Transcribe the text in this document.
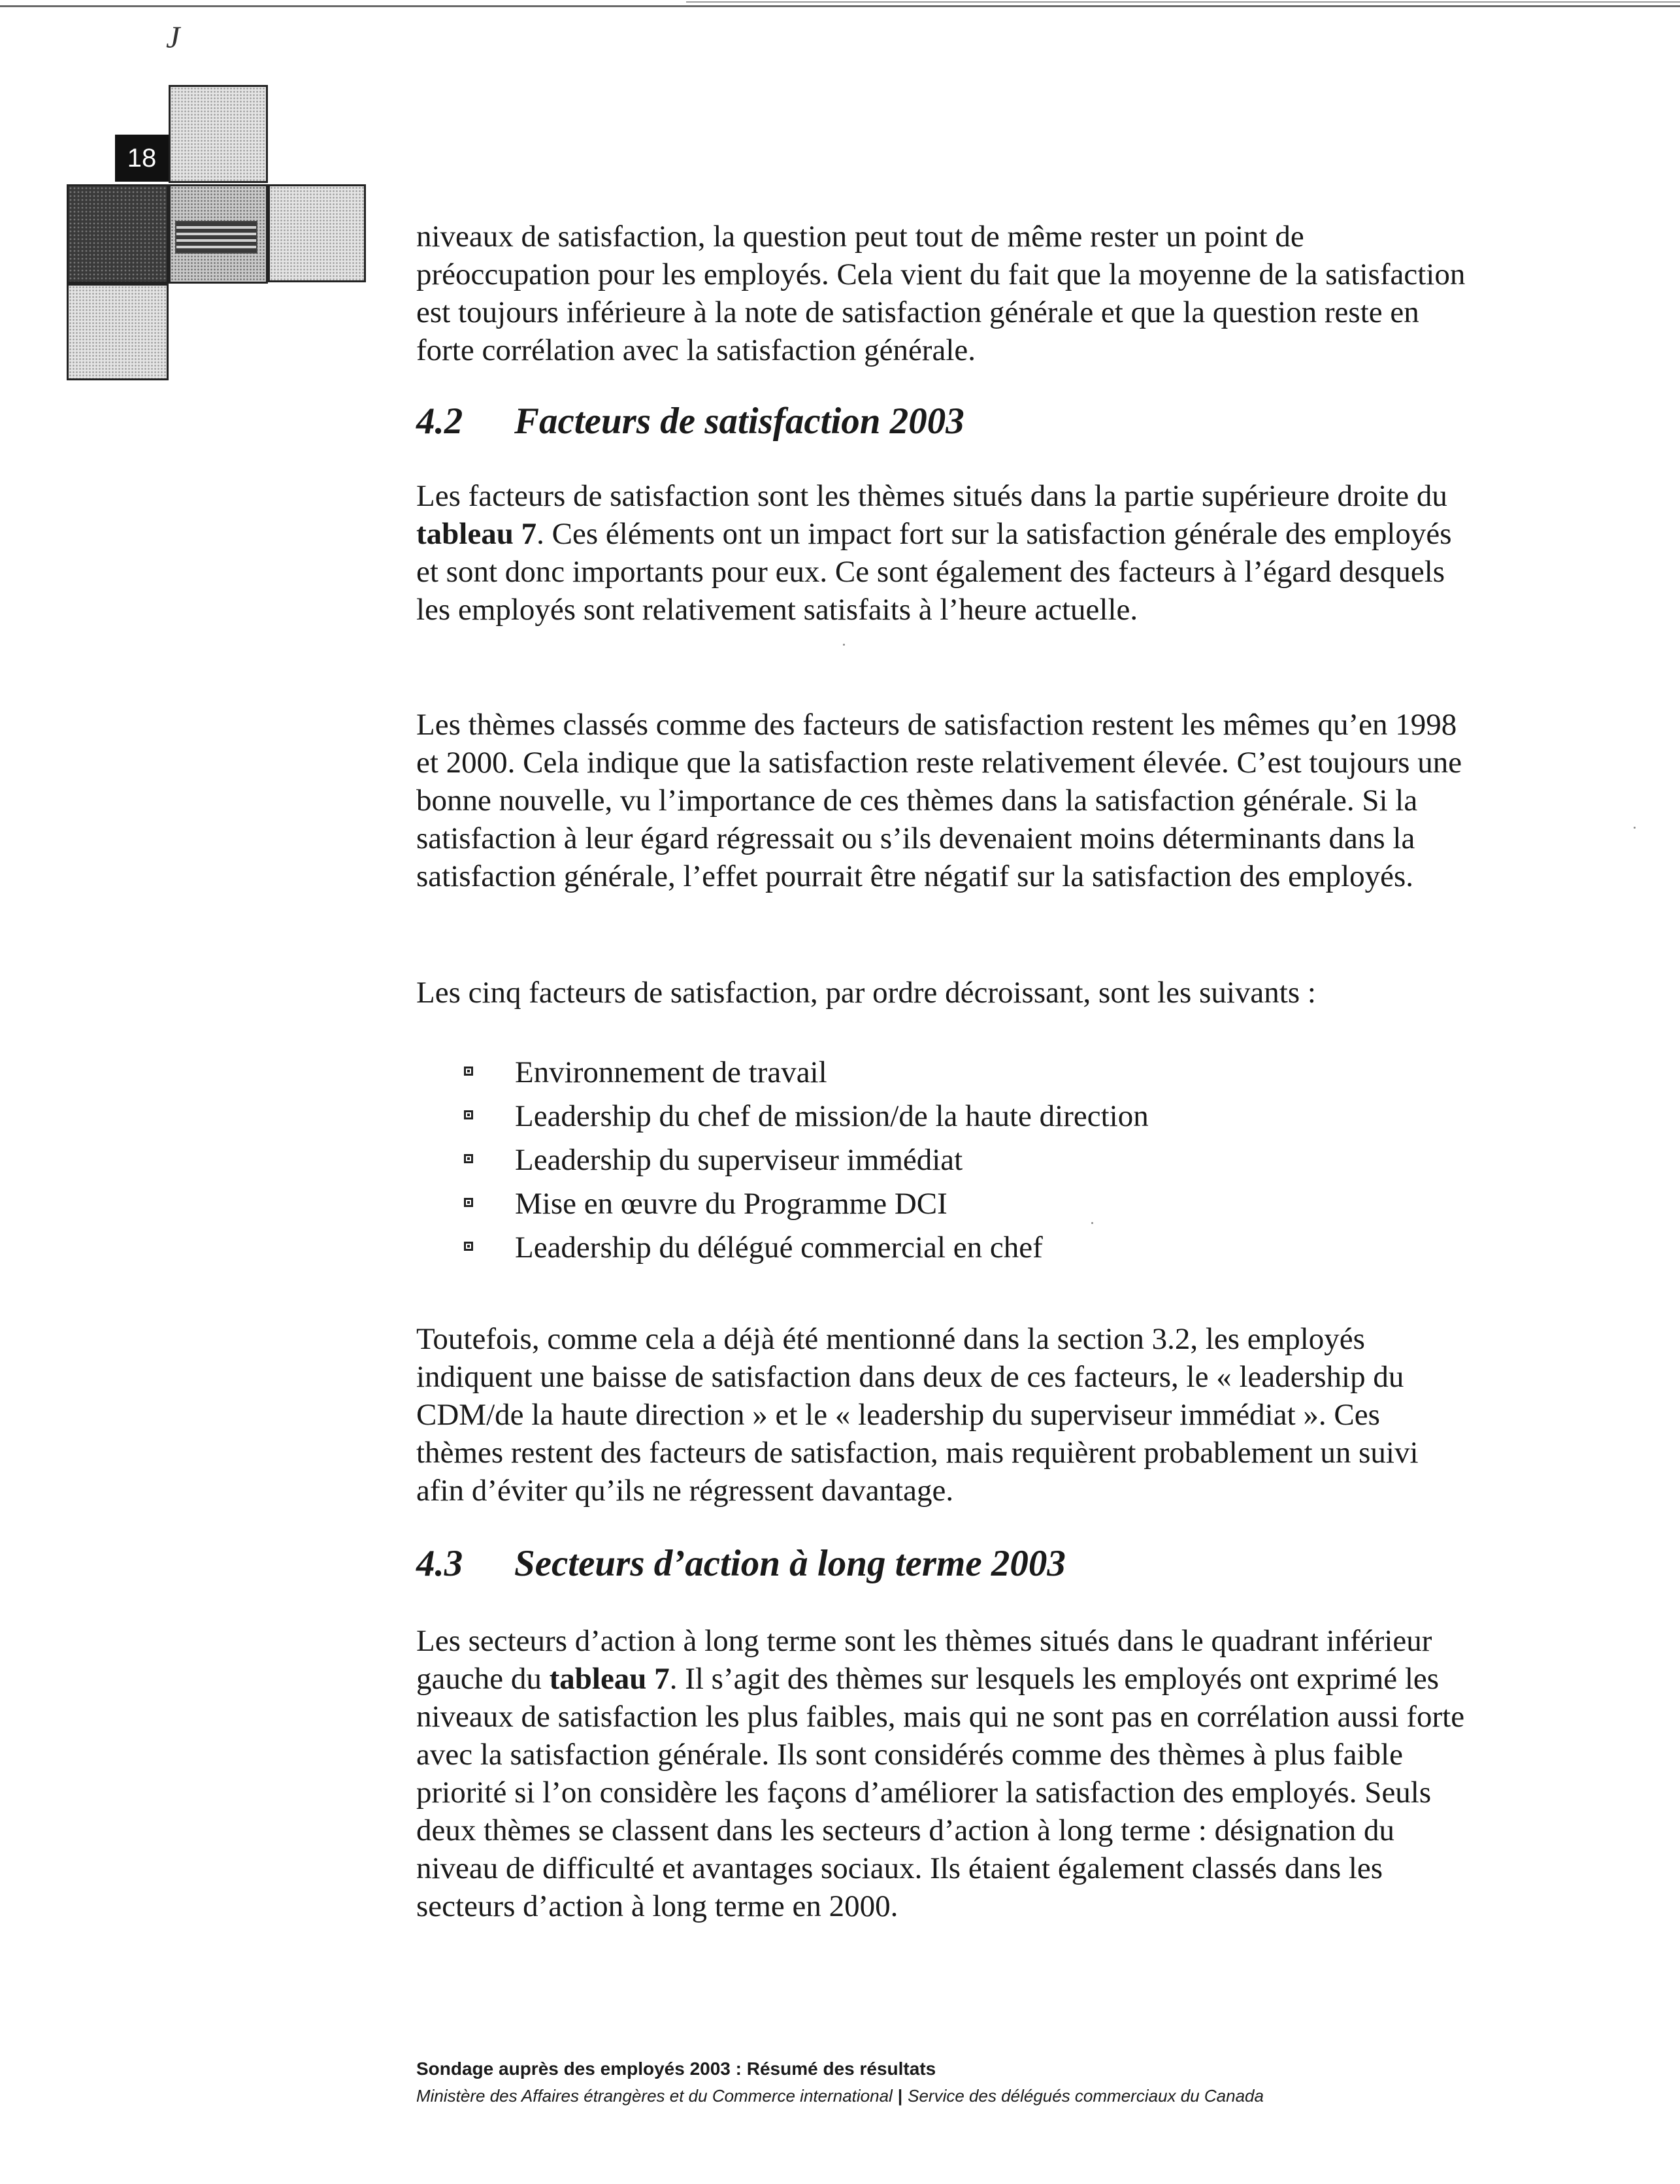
J
18

niveaux de satisfaction, la question peut tout de même rester un point de préoccupation pour les employés. Cela vient du fait que la moyenne de la satisfaction est toujours inférieure à la note de satisfaction générale et que la question reste en forte corrélation avec la satisfaction générale.

4.2 Facteurs de satisfaction 2003

Les facteurs de satisfaction sont les thèmes situés dans la partie supérieure droite du tableau 7. Ces éléments ont un impact fort sur la satisfaction générale des employés et sont donc importants pour eux. Ce sont également des facteurs à l’égard desquels les employés sont relativement satisfaits à l’heure actuelle.

Les thèmes classés comme des facteurs de satisfaction restent les mêmes qu’en 1998 et 2000. Cela indique que la satisfaction reste relativement élevée. C’est toujours une bonne nouvelle, vu l’importance de ces thèmes dans la satisfaction générale. Si la satisfaction à leur égard régressait ou s’ils devenaient moins déterminants dans la satisfaction générale, l’effet pourrait être négatif sur la satisfaction des employés.

Les cinq facteurs de satisfaction, par ordre décroissant, sont les suivants :

Environnement de travail
Leadership du chef de mission/de la haute direction
Leadership du superviseur immédiat
Mise en œuvre du Programme DCI
Leadership du délégué commercial en chef

Toutefois, comme cela a déjà été mentionné dans la section 3.2, les employés indiquent une baisse de satisfaction dans deux de ces facteurs, le « leadership du CDM/de la haute direction » et le « leadership du superviseur immédiat ». Ces thèmes restent des facteurs de satisfaction, mais requièrent probablement un suivi afin d’éviter qu’ils ne régressent davantage.

4.3 Secteurs d’action à long terme 2003

Les secteurs d’action à long terme sont les thèmes situés dans le quadrant inférieur gauche du tableau 7. Il s’agit des thèmes sur lesquels les employés ont exprimé les niveaux de satisfaction les plus faibles, mais qui ne sont pas en corrélation aussi forte avec la satisfaction générale. Ils sont considérés comme des thèmes à plus faible priorité si l’on considère les façons d’améliorer la satisfaction des employés. Seuls deux thèmes se classent dans les secteurs d’action à long terme : désignation du niveau de difficulté et avantages sociaux. Ils étaient également classés dans les secteurs d’action à long terme en 2000.

Sondage auprès des employés 2003 : Résumé des résultats
Ministère des Affaires étrangères et du Commerce international | Service des délégués commerciaux du Canada
